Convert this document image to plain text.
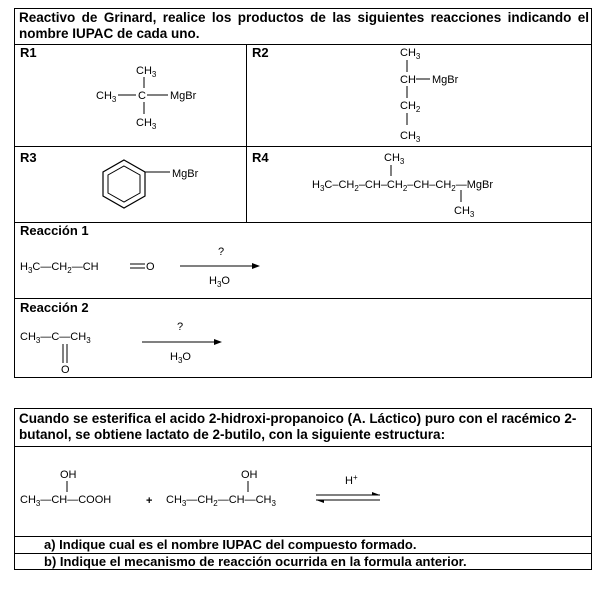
Reactivo de Grinard, realice los productos de las siguientes reacciones indicando el nombre IUPAC de cada uno.
R1
$CH_3$
$CH_3$ C MgBr
$CH_3$
R2	$CH_3$
CH MgBr
$CH_2$
$CH_3$
R3
MgBr
R4	$CH_3$
$H_3C-CH_2-CH-CH_2-CH-CH_2—MgBr$
$CH_3$
Reacción 1
$H_3C—CH_2—CH$	O
?
$H_3O$
Reacción 2
$CH_3—C—CH_3$
O
?
$H_3O$
Cuando se esterifica el acido 2-hidroxi-propanoico (A. Láctico) puro con el racémico 2-butanol, se obtiene lactato de 2-butilo, con la siguiente estructura:
OH
$CH_3—CH—COOH$	+ $CH_3—CH_2—CH—CH_3$
OH	H+
a) Indique cual es el nombre IUPAC del compuesto formado.
b) Indique el mecanismo de reacción ocurrida en la formula anterior.
